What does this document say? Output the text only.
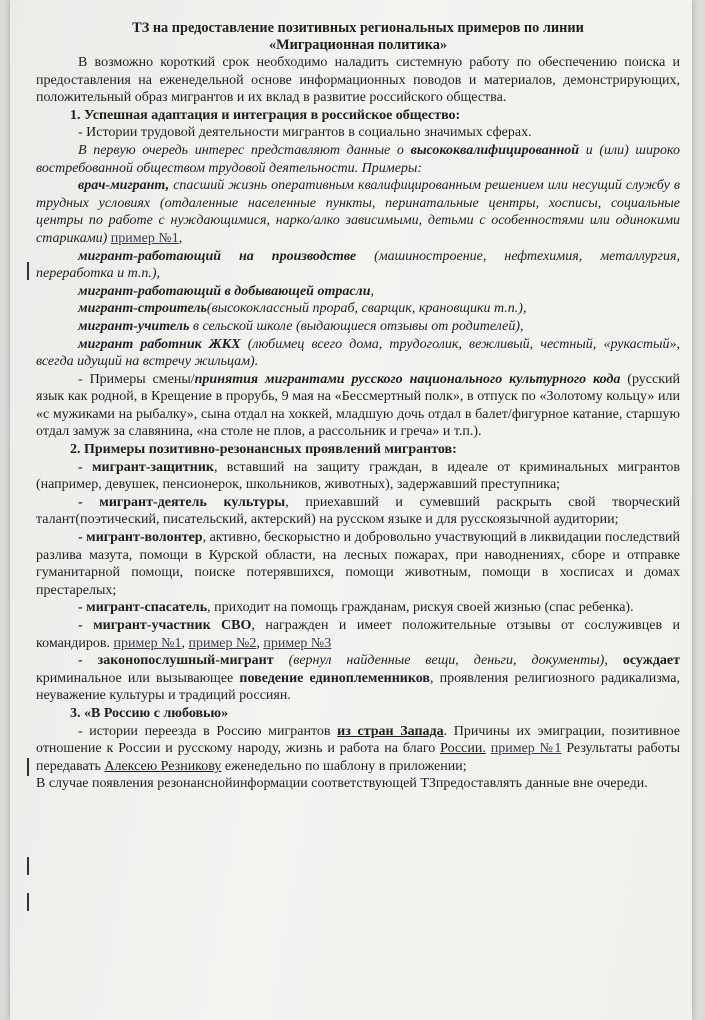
ТЗ на предоставление позитивных региональных примеров по линии

«Миграционная политика»

В возможно короткий срок необходимо наладить системную работу по обеспечению поиска и предоставления на еженедельной основе информационных поводов и материалов, демонстрирующих, положительный образ мигрантов и их вклад в развитие российского общества.

1. Успешная адаптация и интеграция в российское общество:

- Истории трудовой деятельности мигрантов в социально значимых сферах.

В первую очередь интерес представляют данные о высококвалифицированной и (или) широко востребованной обществом трудовой деятельности. Примеры:

врач-мигрант, спасший жизнь оперативным квалифицированным решением или несущий службу в трудных условиях (отдаленные населенные пункты, перинатальные центры, хосписы, социальные центры по работе с нуждающимися, нарко/алко зависимыми, детьми с особенностями или одинокими стариками) пример №1,

мигрант-работающий на производстве (машиностроение, нефтехимия, металлургия, переработка и т.п.),

мигрант-работающий в добывающей отрасли,

мигрант-строитель(высококлассный прораб, сварщик, крановщики т.п.),

мигрант-учитель в сельской школе (выдающиеся отзывы от родителей),

мигрант работник ЖКХ (любимец всего дома, трудоголик, вежливый, честный, «рукастый», всегда идущий на встречу жильцам).

- Примеры смены/принятия мигрантами русского национального культурного кода (русский язык как родной, в Крещение в прорубь, 9 мая на «Бессмертный полк», в отпуск по «Золотому кольцу» или «с мужиками на рыбалку», сына отдал на хоккей, младшую дочь отдал в балет/фигурное катание, старшую отдал замуж за славянина, «на столе не плов, а рассольник и греча» и т.п.).

2. Примеры позитивно-резонансных проявлений мигрантов:

- мигрант-защитник, вставший на защиту граждан, в идеале от криминальных мигрантов (например, девушек, пенсионерок, школьников, животных), задержавший преступника;

- мигрант-деятель культуры, приехавший и сумевший раскрыть свой творческий талант(поэтический, писательский, актерский) на русском языке и для русскоязычной аудитории;

- мигрант-волонтер, активно, бескорыстно и добровольно участвующий в ликвидации последствий разлива мазута, помощи в Курской области, на лесных пожарах, при наводнениях, сборе и отправке гуманитарной помощи, поиске потерявшихся, помощи животным, помощи в хосписах и домах престарелых;

- мигрант-спасатель, приходит на помощь гражданам, рискуя своей жизнью (спас ребенка).

- мигрант-участник СВО, награжден и имеет положительные отзывы от сослуживцев и командиров. пример №1, пример №2, пример №3

- законопослушный-мигрант (вернул найденные вещи, деньги, документы), осуждает криминальное или вызывающее поведение единоплеменников, проявления религиозного радикализма, неуважение культуры и традиций россиян.

3. «В Россию с любовью»

- истории переезда в Россию мигрантов из стран Запада. Причины их эмиграции, позитивное отношение к России и русскому народу, жизнь и работа на благо России. пример №1 Результаты работы передавать Алексею Резникову еженедельно по шаблону в приложении;

В случае появления резонанснойинформации соответствующей ТЗпредоставлять данные вне очереди.
